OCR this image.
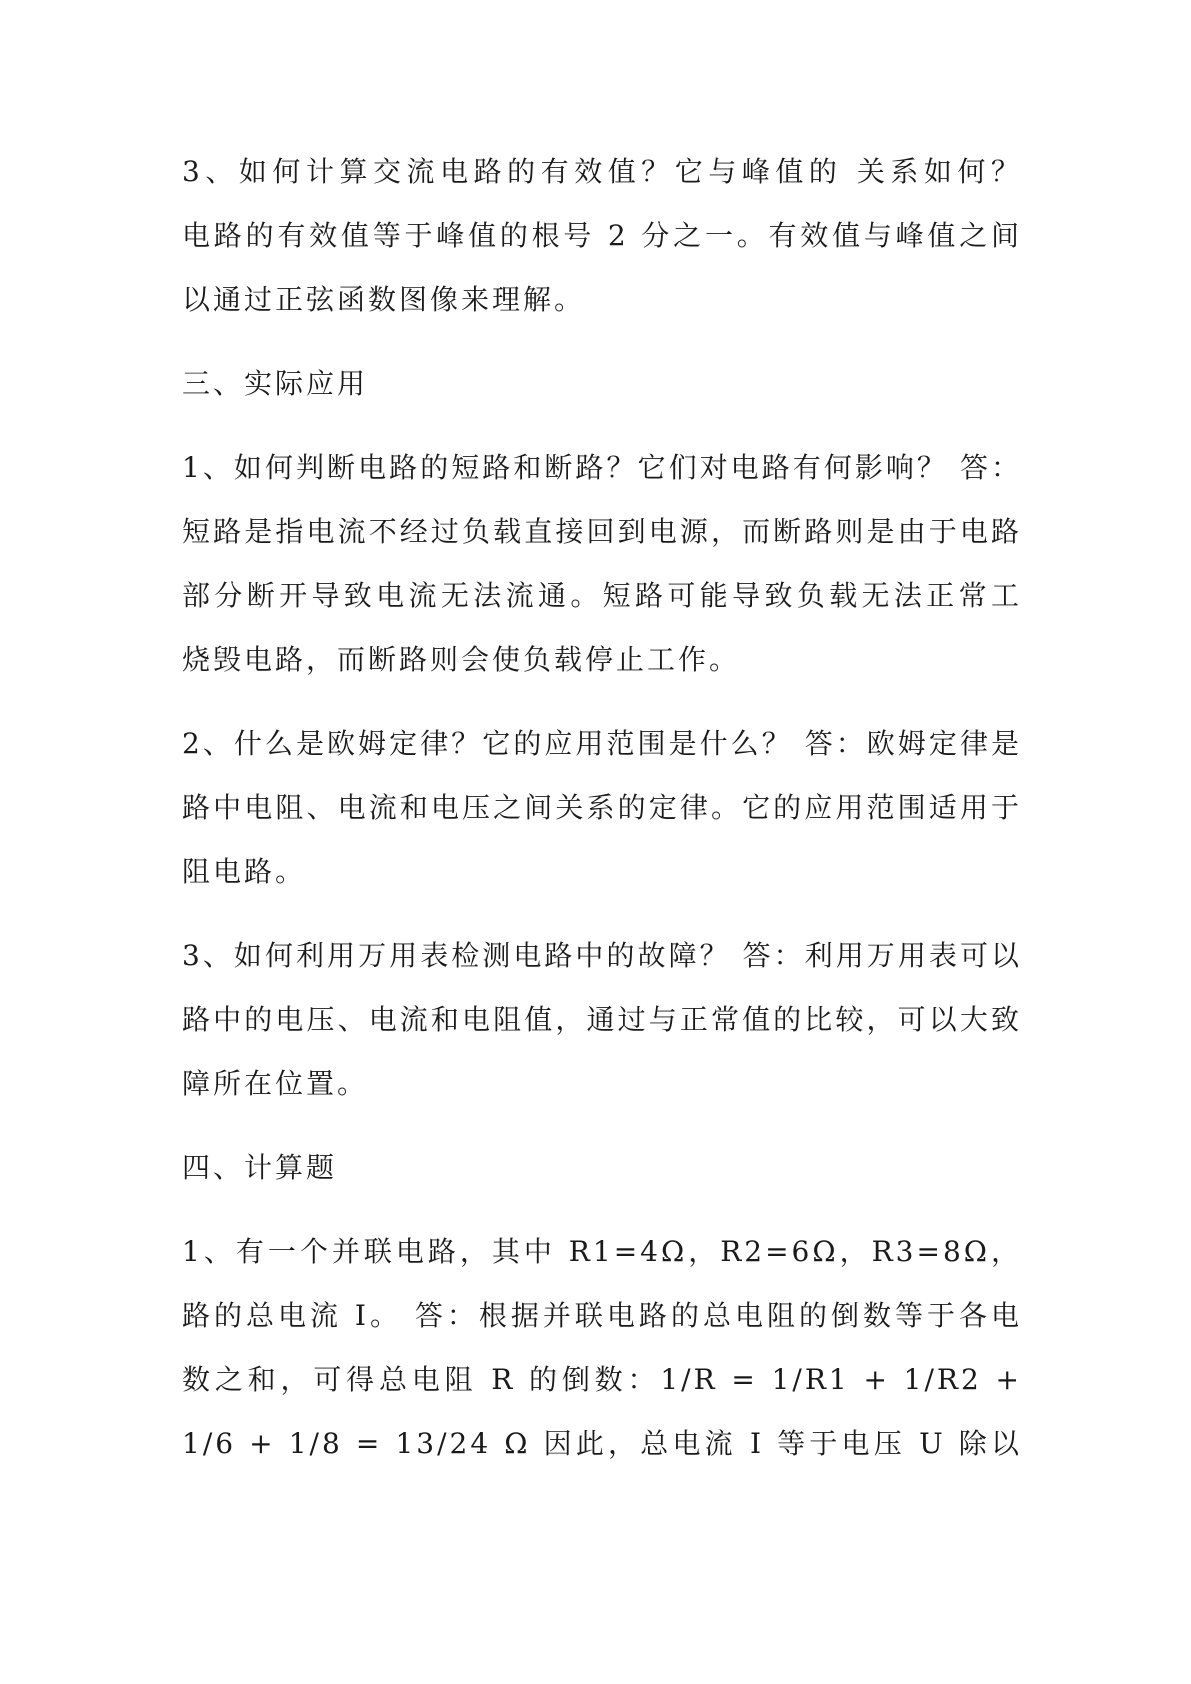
3、如何计算交流电路的有效值？它与峰值的 关系如何？
电路的有效值等于峰值的根号 2 分之一。有效值与峰值之间
以通过正弦函数图像来理解。
三、实际应用
1、如何判断电路的短路和断路？它们对电路有何影响？ 答：
短路是指电流不经过负载直接回到电源，而断路则是由于电路
部分断开导致电流无法流通。短路可能导致负载无法正常工
烧毁电路，而断路则会使负载停止工作。
2、什么是欧姆定律？它的应用范围是什么？ 答：欧姆定律是
路中电阻、电流和电压之间关系的定律。它的应用范围适用于
阻电路。
3、如何利用万用表检测电路中的故障？ 答：利用万用表可以
路中的电压、电流和电阻值，通过与正常值的比较，可以大致
障所在位置。
四、计算题
1、有一个并联电路，其中 R1=4Ω，R2=6Ω，R3=8Ω，
路的总电流 I。 答：根据并联电路的总电阻的倒数等于各电
数之和，可得总电阻 R 的倒数：1/R = 1/R1 + 1/R2 +
1/6 + 1/8 = 13/24 Ω 因此，总电流 I 等于电压 U 除以
